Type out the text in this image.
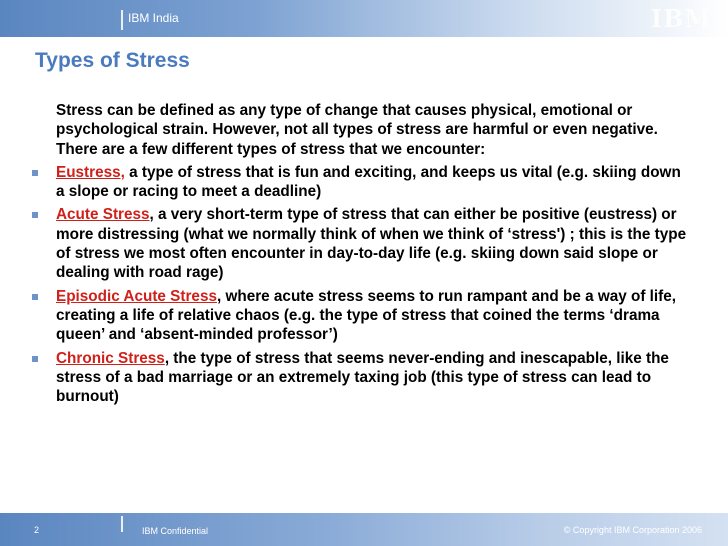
IBM India	IBM
Types of Stress

Stress can be defined as any type of change that causes physical, emotional or psychological strain. However, not all types of stress are harmful or even negative. There are a few different types of stress that we encounter:

Eustress, a type of stress that is fun and exciting, and keeps us vital (e.g. skiing down a slope or racing to meet a deadline)
Acute Stress, a very short-term type of stress that can either be positive (eustress) or more distressing (what we normally think of when we think of ‘stress') ; this is the type of stress we most often encounter in day-to-day life (e.g. skiing down said slope or dealing with road rage)
Episodic Acute Stress, where acute stress seems to run rampant and be a way of life, creating a life of relative chaos (e.g. the type of stress that coined the terms ‘drama queen’ and ‘absent-minded professor’)
Chronic Stress, the type of stress that seems never-ending and inescapable, like the stress of a bad marriage or an extremely taxing job (this type of stress can lead to burnout)
2	IBM Confidential	© Copyright IBM Corporation 2006
